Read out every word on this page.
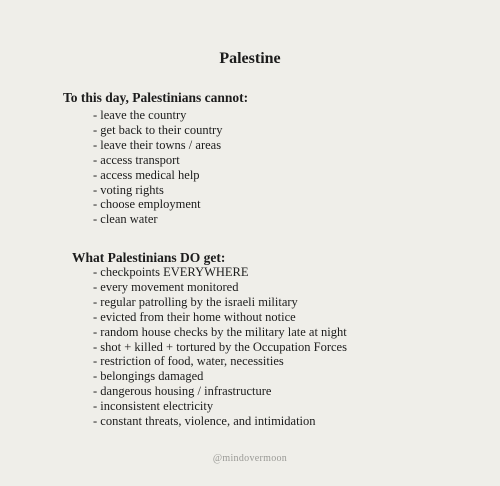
Palestine
To this day, Palestinians cannot:
- leave the country
- get back to their country
- leave their towns / areas
- access transport
- access medical help
- voting rights
- choose employment
- clean water
What Palestinians DO get:
- checkpoints EVERYWHERE
- every movement monitored
- regular patrolling by the israeli military
- evicted from their home without notice
- random house checks by the military late at night
- shot + killed + tortured by the Occupation Forces
- restriction of food, water, necessities
- belongings damaged
- dangerous housing / infrastructure
- inconsistent electricity
- constant threats, violence, and intimidation
@mindovermoon
